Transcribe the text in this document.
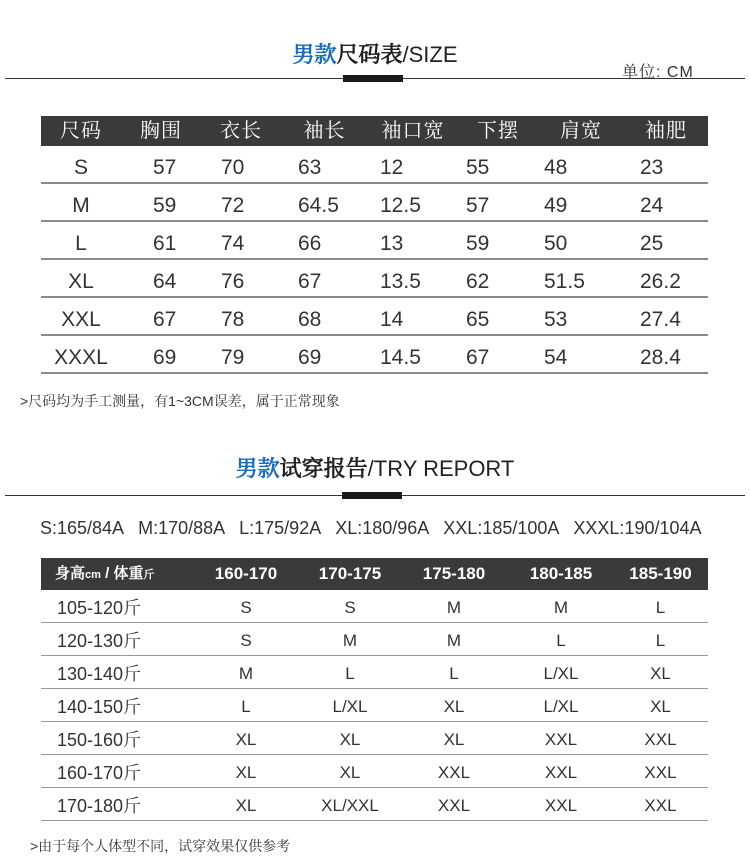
男款尺码表/SIZE
单位: CM
尺码	胸围	衣长	袖长	袖口宽	下摆	肩宽	袖肥
S	57	70	63	12	55	48	23
M	59	72	64.5	12.5	57	49	24
L	61	74	66	13	59	50	25
XL	64	76	67	13.5	62	51.5	26.2
XXL	67	78	68	14	65	53	27.4
XXXL	69	79	69	14.5	67	54	28.4
>尺码均为手工测量，有1~3CM误差，属于正常现象
男款试穿报告/TRY REPORT
S:165/84A M:170/88A L:175/92A XL:180/96A XXL:185/100A XXXL:190/104A
身高cm / 体重斤	160-170	170-175	175-180	180-185	185-190
105-120斤	S	S	M	M	L
120-130斤	S	M	M	L	L
130-140斤	M	L	L	L/XL	XL
140-150斤	L	L/XL	XL	L/XL	XL
150-160斤	XL	XL	XL	XXL	XXL
160-170斤	XL	XL	XXL	XXL	XXL
170-180斤	XL	XL/XXL	XXL	XXL	XXL
>由于每个人体型不同，试穿效果仅供参考
